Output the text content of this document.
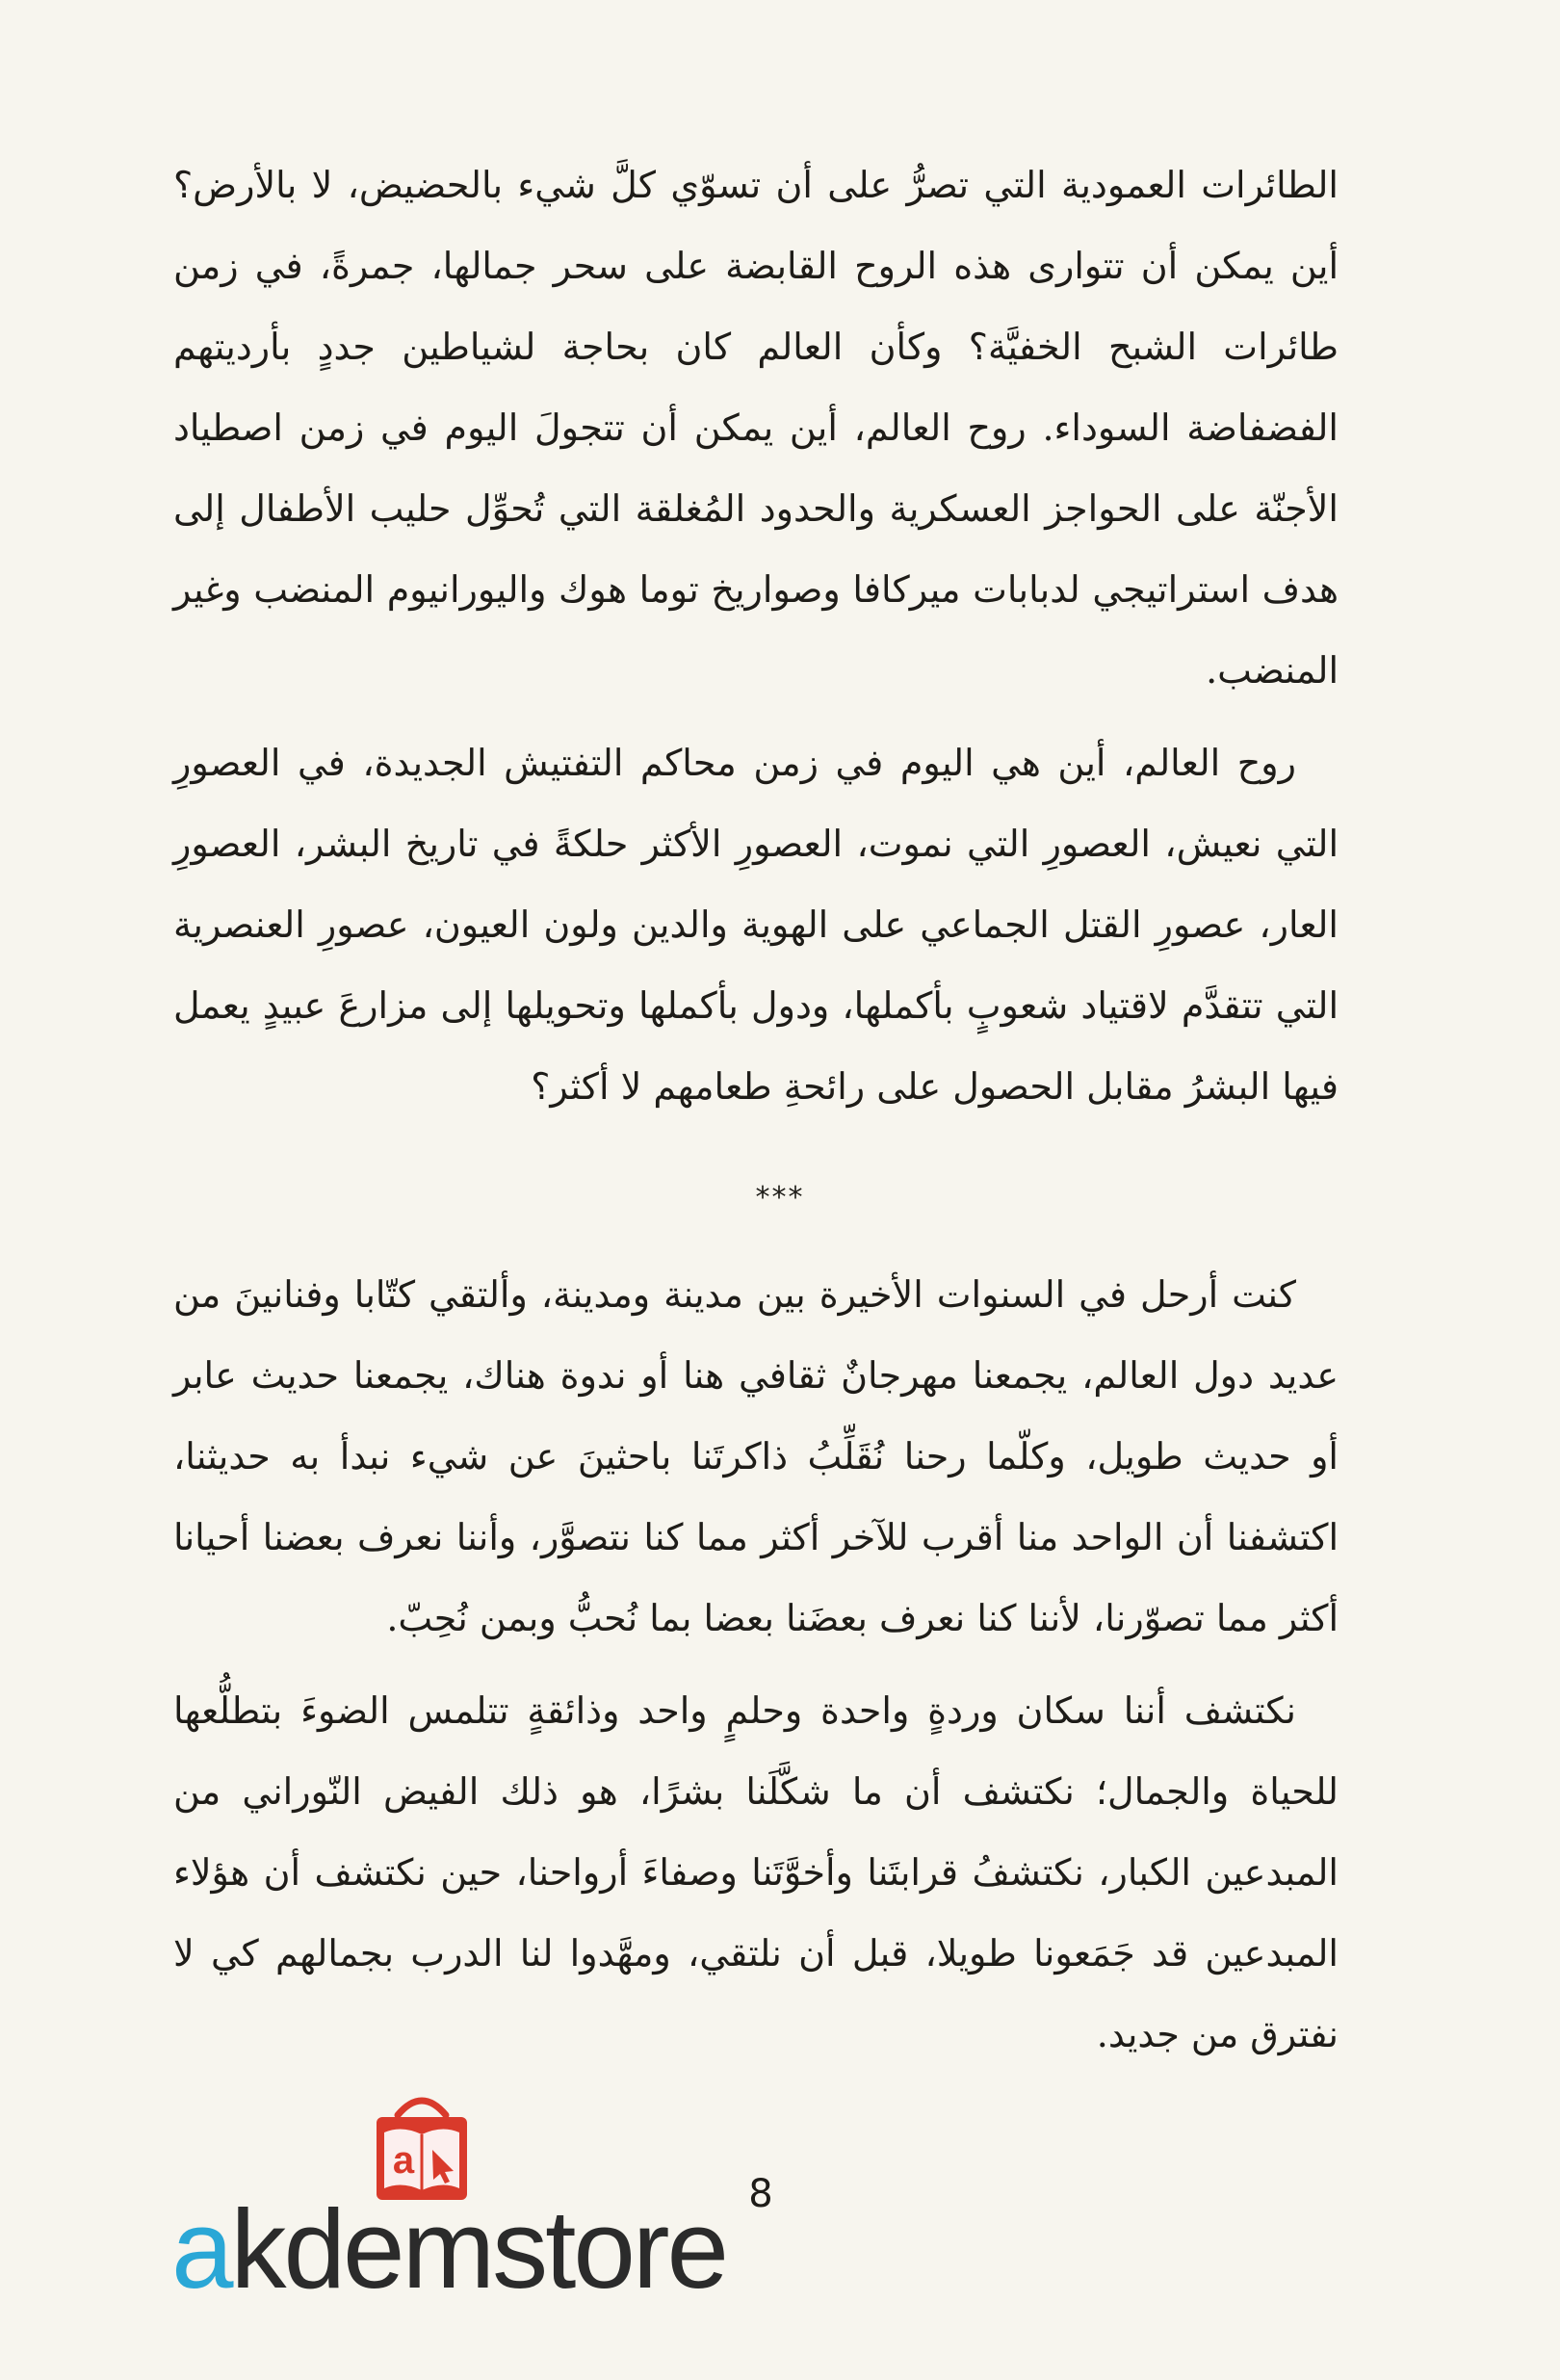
الطائرات العمودية التي تصرُّ على أن تسوّي كلَّ شيء بالحضيض، لا بالأرض؟ أين يمكن أن تتوارى هذه الروح القابضة على سحر جمالها، جمرةً، في زمن طائرات الشبح الخفيَّة؟ وكأن العالم كان بحاجة لشياطين جددٍ بأرديتهم الفضفاضة السوداء. روح العالم، أين يمكن أن تتجولَ اليوم في زمن اصطياد الأجنّة على الحواجز العسكرية والحدود المُغلقة التي تُحوِّل حليب الأطفال إلى هدف استراتيجي لدبابات ميركافا وصواريخ توما هوك واليورانيوم المنضب وغير المنضب.

روح العالم، أين هي اليوم في زمن محاكم التفتيش الجديدة، في العصورِ التي نعيش، العصورِ التي نموت، العصورِ الأكثر حلكةً في تاريخ البشر، العصورِ العار، عصورِ القتل الجماعي على الهوية والدين ولون العيون، عصورِ العنصرية التي تتقدَّم لاقتياد شعوبٍ بأكملها، ودول بأكملها وتحويلها إلى مزارعَ عبيدٍ يعمل فيها البشرُ مقابل الحصول على رائحةِ طعامهم لا أكثر؟

***

كنت أرحل في السنوات الأخيرة بين مدينة ومدينة، وألتقي كتّابا وفنانينَ من عديد دول العالم، يجمعنا مهرجانٌ ثقافي هنا أو ندوة هناك، يجمعنا حديث عابر أو حديث طويل، وكلّما رحنا نُقَلِّبُ ذاكرتَنا باحثينَ عن شيء نبدأ به حديثنا، اكتشفنا أن الواحد منا أقرب للآخر أكثر مما كنا نتصوَّر، وأننا نعرف بعضنا أحيانا أكثر مما تصوّرنا، لأننا كنا نعرف بعضَنا بعضا بما نُحبُّ وبمن نُحِبّ.

نكتشف أننا سكان وردةٍ واحدة وحلمٍ واحد وذائقةٍ تتلمس الضوءَ بتطلُّعها للحياة والجمال؛ نكتشف أن ما شكَّلَنا بشرًا، هو ذلك الفيض النّوراني من المبدعين الكبار، نكتشفُ قرابتَنا وأخوَّتَنا وصفاءَ أرواحنا، حين نكتشف أن هؤلاء المبدعين قد جَمَعونا طويلا، قبل أن نلتقي، ومهَّدوا لنا الدرب بجمالهم كي لا نفترق من جديد.

8
a
akdemstore
